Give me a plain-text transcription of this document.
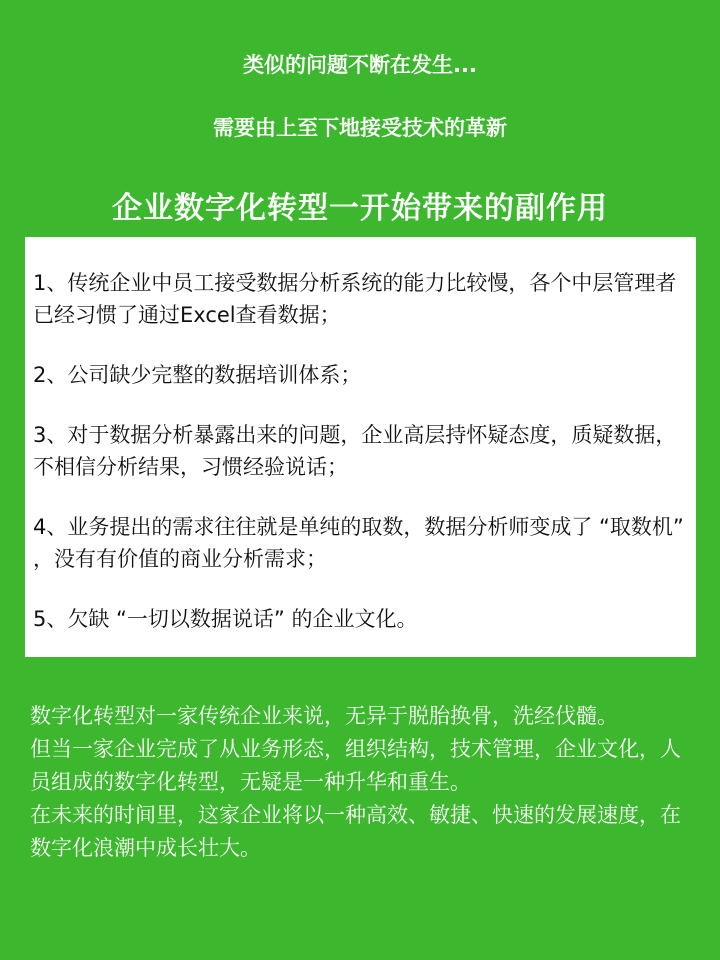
类似的问题不断在发生...
需要由上至下地接受技术的革新
企业数字化转型一开始带来的副作用
1、传统企业中员工接受数据分析系统的能力比较慢，各个中层管理者已经习惯了通过Excel查看数据；
2、公司缺少完整的数据培训体系；
3、对于数据分析暴露出来的问题，企业高层持怀疑态度，质疑数据，不相信分析结果，习惯经验说话；
4、业务提出的需求往往就是单纯的取数，数据分析师变成了 “取数机” ，没有有价值的商业分析需求；
5、欠缺 “一切以数据说话” 的企业文化。

数字化转型对一家传统企业来说，无异于脱胎换骨，洗经伐髓。

但当一家企业完成了从业务形态，组织结构，技术管理，企业文化，人员组成的数字化转型，无疑是一种升华和重生。

在未来的时间里，这家企业将以一种高效、敏捷、快速的发展速度，在数字化浪潮中成长壮大。
